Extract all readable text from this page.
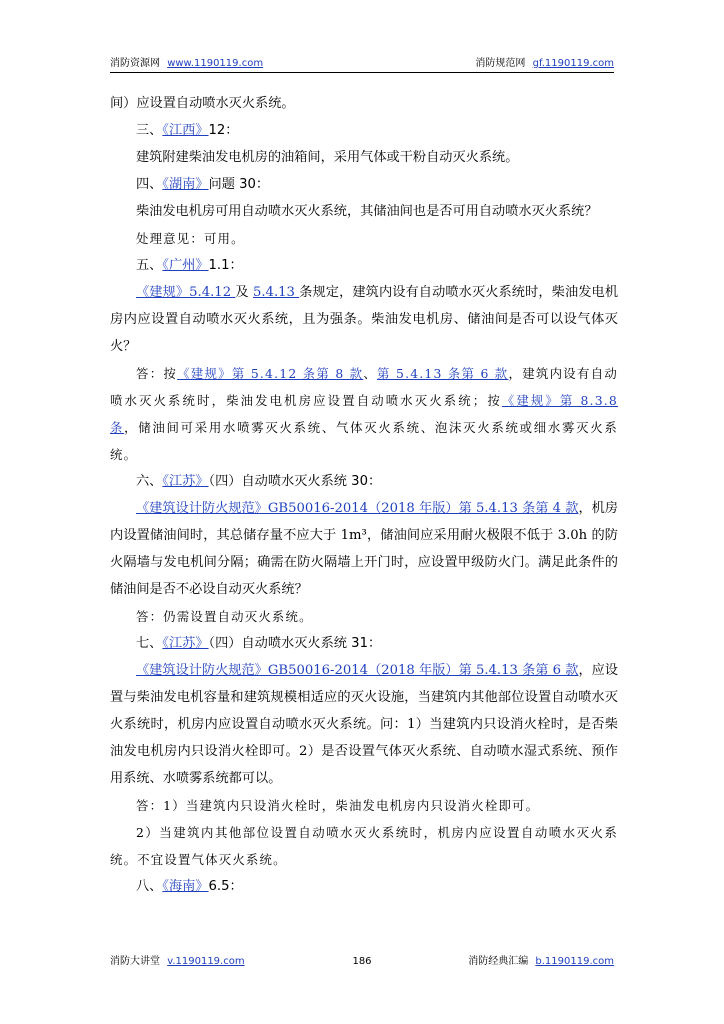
消防资源网 www.1190119.com	消防规范网 gf.1190119.com

间）应设置自动喷水灭火系统。

三、《江西》12：

建筑附建柴油发电机房的油箱间，采用气体或干粉自动灭火系统。

四、《湖南》问题 30：

柴油发电机房可用自动喷水灭火系统，其储油间也是否可用自动喷水灭火系统？

处理意见：可用。

五、《广州》1.1：

《建规》5.4.12 及 5.4.13 条规定，建筑内设有自动喷水灭火系统时，柴油发电机房内应设置自动喷水灭火系统，且为强条。柴油发电机房、储油间是否可以设气体灭火？

答：按《建规》第 5.4.12 条第 8 款、第 5.4.13 条第 6 款，建筑内设有自动喷水灭火系统时，柴油发电机房应设置自动喷水灭火系统；按《建规》第 8.3.8 条，储油间可采用水喷雾灭火系统、气体灭火系统、泡沫灭火系统或细水雾灭火系统。

六、《江苏》（四）自动喷水灭火系统 30：

《建筑设计防火规范》GB50016-2014（2018 年版）第 5.4.13 条第 4 款，机房内设置储油间时，其总储存量不应大于 1m³，储油间应采用耐火极限不低于 3.0h 的防火隔墙与发电机间分隔；确需在防火隔墙上开门时，应设置甲级防火门。满足此条件的储油间是否不必设自动灭火系统？

答：仍需设置自动灭火系统。

七、《江苏》（四）自动喷水灭火系统 31：

《建筑设计防火规范》GB50016-2014（2018 年版）第 5.4.13 条第 6 款，应设置与柴油发电机容量和建筑规模相适应的灭火设施，当建筑内其他部位设置自动喷水灭火系统时，机房内应设置自动喷水灭火系统。问：1）当建筑内只设消火栓时，是否柴油发电机房内只设消火栓即可。2）是否设置气体灭火系统、自动喷水湿式系统、预作用系统、水喷雾系统都可以。

答：1）当建筑内只设消火栓时，柴油发电机房内只设消火栓即可。

2）当建筑内其他部位设置自动喷水灭火系统时，机房内应设置自动喷水灭火系统。不宜设置气体灭火系统。

八、《海南》6.5：

消防大讲堂 v.1190119.com	186	消防经典汇编 b.1190119.com
